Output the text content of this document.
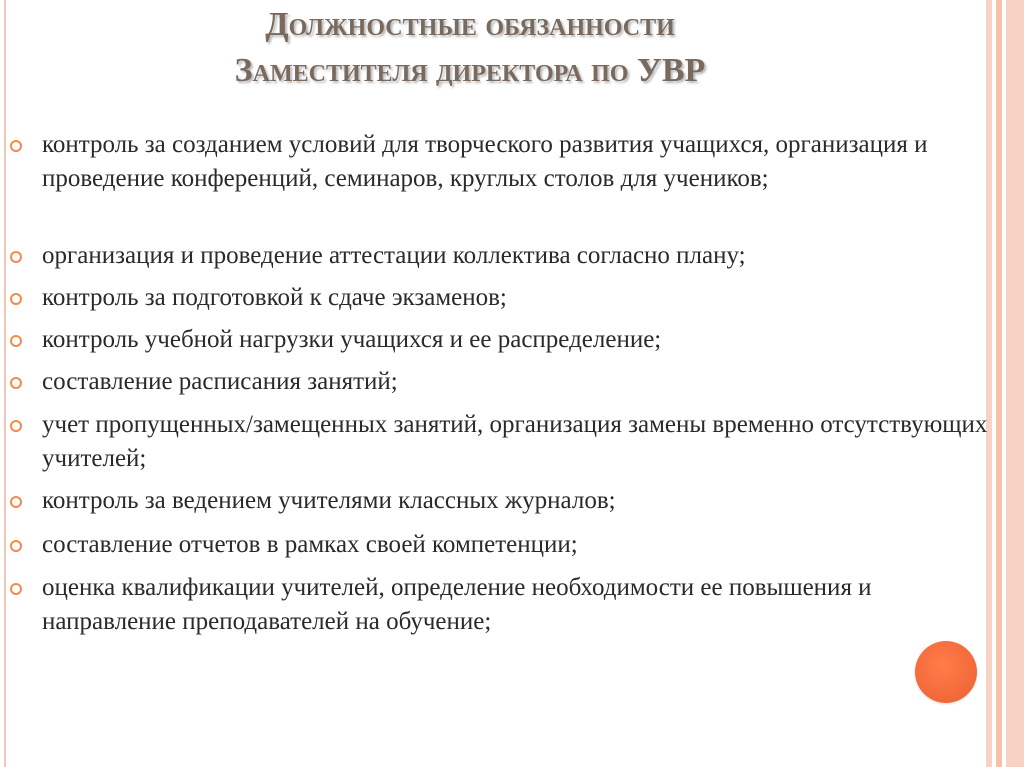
Должностные обязанности
Заместителя директора по УВР
контроль за созданием условий для творческого развития учащихся, организация и проведение конференций, семинаров, круглых столов для учеников;
организация и проведение аттестации коллектива согласно плану;
контроль за подготовкой к сдаче экзаменов;
контроль учебной нагрузки учащихся и ее распределение;
составление расписания занятий;
учет пропущенных/замещенных занятий, организация замены временно отсутствующих учителей;
контроль за ведением учителями классных журналов;
составление отчетов в рамках своей компетенции;
оценка квалификации учителей, определение необходимости ее повышения и направление преподавателей на обучение;
